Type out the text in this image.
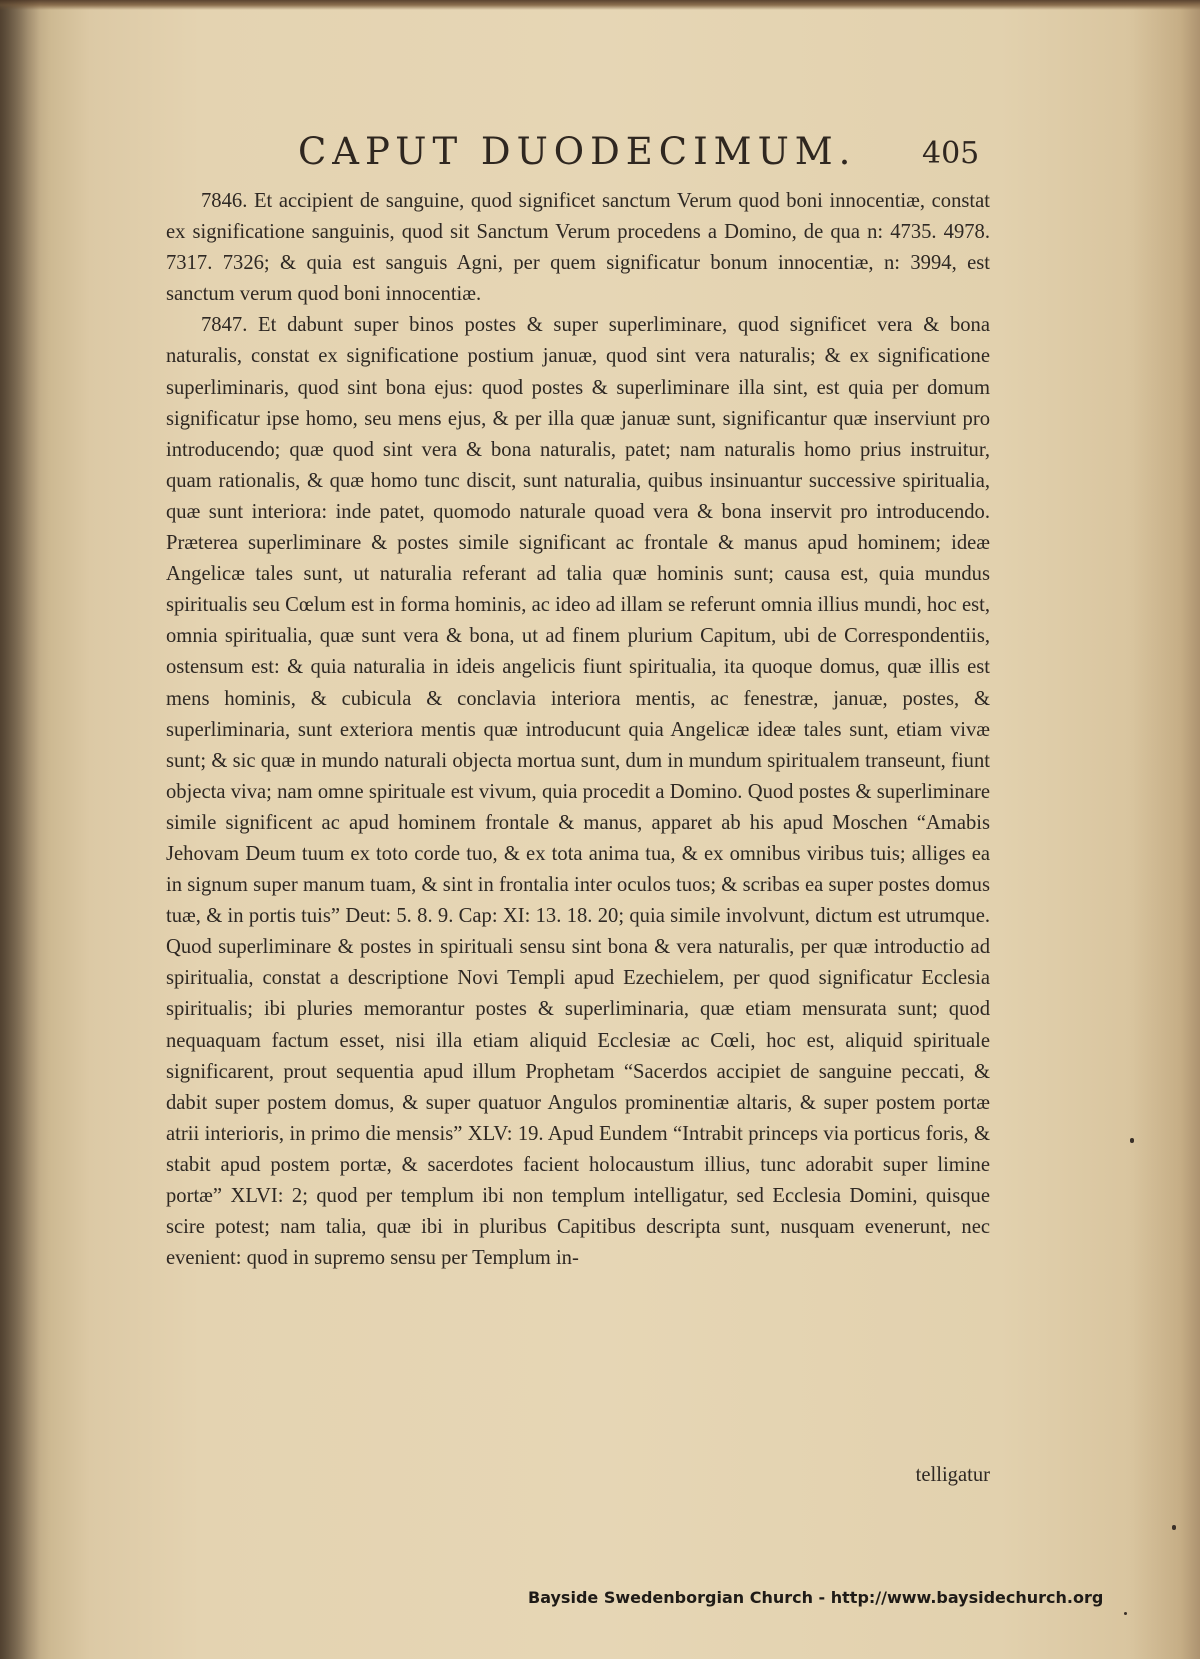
CAPUT DUODECIMUM. 405

7846. Et accipient de sanguine, quod significet sanctum Verum quod boni innocentiæ, constat ex significatione sanguinis, quod sit Sanctum Verum procedens a Domino, de qua n: 4735. 4978. 7317. 7326; & quia est sanguis Agni, per quem significatur bonum innocentiæ, n: 3994, est sanctum verum quod boni innocentiæ.

7847. Et dabunt super binos postes & super superliminare, quod significet vera & bona naturalis, constat ex significatione postium januæ, quod sint vera naturalis; & ex significatione superliminaris, quod sint bona ejus: quod postes & superliminare illa sint, est quia per domum significatur ipse homo, seu mens ejus, & per illa quæ januæ sunt, significantur quæ inserviunt pro introducendo; quæ quod sint vera & bona naturalis, patet; nam naturalis homo prius instruitur, quam rationalis, & quæ homo tunc discit, sunt naturalia, quibus insinuantur successive spiritualia, quæ sunt interiora: inde patet, quomodo naturale quoad vera & bona inservit pro introducendo. Præterea superliminare & postes simile significant ac frontale & manus apud hominem; ideæ Angelicæ tales sunt, ut naturalia referant ad talia quæ hominis sunt; causa est, quia mundus spiritualis seu Cœlum est in forma hominis, ac ideo ad illam se referunt omnia illius mundi, hoc est, omnia spiritualia, quæ sunt vera & bona, ut ad finem plurium Capitum, ubi de Correspondentiis, ostensum est: & quia naturalia in ideis angelicis fiunt spiritualia, ita quoque domus, quæ illis est mens hominis, & cubicula & conclavia interiora mentis, ac fenestræ, januæ, postes, & superliminaria, sunt exteriora mentis quæ introducunt quia Angelicæ ideæ tales sunt, etiam vivæ sunt; & sic quæ in mundo naturali objecta mortua sunt, dum in mundum spiritualem transeunt, fiunt objecta viva; nam omne spirituale est vivum, quia procedit a Domino. Quod postes & superliminare simile significent ac apud hominem frontale & manus, apparet ab his apud Moschen “Amabis Jehovam Deum tuum ex toto corde tuo, & ex tota anima tua, & ex omnibus viribus tuis; alliges ea in signum super manum tuam, & sint in frontalia inter oculos tuos; & scribas ea super postes domus tuæ, & in portis tuis” Deut: 5. 8. 9. Cap: XI: 13. 18. 20; quia simile involvunt, dictum est utrumque. Quod superliminare & postes in spirituali sensu sint bona & vera naturalis, per quæ introductio ad spiritualia, constat a descriptione Novi Templi apud Ezechielem, per quod significatur Ecclesia spiritualis; ibi pluries memorantur postes & superliminaria, quæ etiam mensurata sunt; quod nequaquam factum esset, nisi illa etiam aliquid Ecclesiæ ac Cœli, hoc est, aliquid spirituale significarent, prout sequentia apud illum Prophetam “Sacerdos accipiet de sanguine peccati, & dabit super postem domus, & super quatuor Angulos prominentiæ altaris, & super postem portæ atrii interioris, in primo die mensis” XLV: 19. Apud Eundem “Intrabit princeps via porticus foris, & stabit apud postem portæ, & sacerdotes facient holocaustum illius, tunc adorabit super limine portæ” XLVI: 2; quod per templum ibi non templum intelligatur, sed Ecclesia Domini, quisque scire potest; nam talia, quæ ibi in pluribus Capitibus descripta sunt, nusquam evenerunt, nec evenient: quod in supremo sensu per Templum in-

telligatur
Bayside Swedenborgian Church - http://www.baysidechurch.org
